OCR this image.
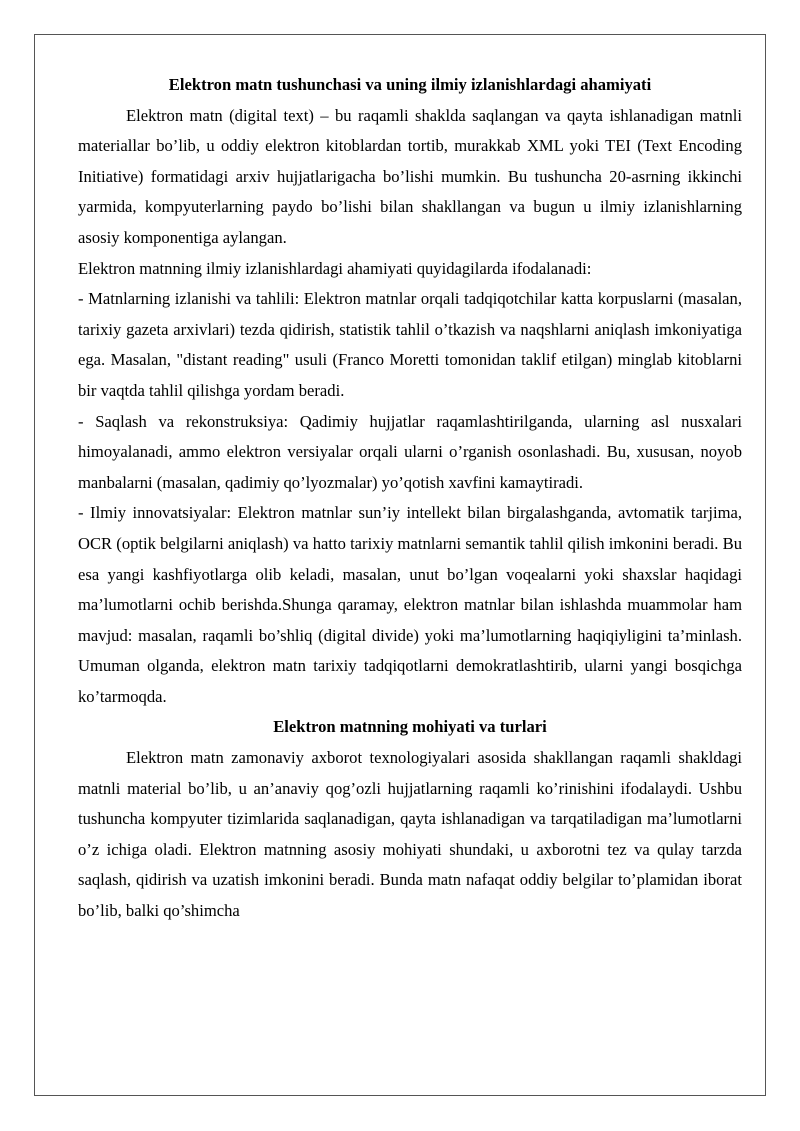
Elektron matn tushunchasi va uning ilmiy izlanishlardagi ahamiyati

Elektron matn (digital text) – bu raqamli shaklda saqlangan va qayta ishlanadigan matnli materiallar bo’lib, u oddiy elektron kitoblardan tortib, murakkab XML yoki TEI (Text Encoding Initiative) formatidagi arxiv hujjatlarigacha bo’lishi mumkin. Bu tushuncha 20-asrning ikkinchi yarmida, kompyuterlarning paydo bo’lishi bilan shakllangan va bugun u ilmiy izlanishlarning asosiy komponentiga aylangan.

Elektron matnning ilmiy izlanishlardagi ahamiyati quyidagilarda ifodalanadi:

- Matnlarning izlanishi va tahlili: Elektron matnlar orqali tadqiqotchilar katta korpuslarni (masalan, tarixiy gazeta arxivlari) tezda qidirish, statistik tahlil o’tkazish va naqshlarni aniqlash imkoniyatiga ega. Masalan, "distant reading" usuli (Franco Moretti tomonidan taklif etilgan) minglab kitoblarni bir vaqtda tahlil qilishga yordam beradi.

- Saqlash va rekonstruksiya: Qadimiy hujjatlar raqamlashtirilganda, ularning asl nusxalari himoyalanadi, ammo elektron versiyalar orqali ularni o’rganish osonlashadi. Bu, xususan, noyob manbalarni (masalan, qadimiy qo’lyozmalar) yo’qotish xavfini kamaytiradi.

- Ilmiy innovatsiyalar: Elektron matnlar sun’iy intellekt bilan birgalashganda, avtomatik tarjima, OCR (optik belgilarni aniqlash) va hatto tarixiy matnlarni semantik tahlil qilish imkonini beradi. Bu esa yangi kashfiyotlarga olib keladi, masalan, unut bo’lgan voqealarni yoki shaxslar haqidagi ma’lumotlarni ochib berishda.Shunga qaramay, elektron matnlar bilan ishlashda muammolar ham mavjud: masalan, raqamli bo’shliq (digital divide) yoki ma’lumotlarning haqiqiyligini ta’minlash. Umuman olganda, elektron matn tarixiy tadqiqotlarni demokratlashtirib, ularni yangi bosqichga ko’tarmoqda.

Elektron matnning mohiyati va turlari

Elektron matn zamonaviy axborot texnologiyalari asosida shakllangan raqamli shakldagi matnli material bo’lib, u an’anaviy qog’ozli hujjatlarning raqamli ko’rinishini ifodalaydi. Ushbu tushuncha kompyuter tizimlarida saqlanadigan, qayta ishlanadigan va tarqatiladigan ma’lumotlarni o’z ichiga oladi. Elektron matnning asosiy mohiyati shundaki, u axborotni tez va qulay tarzda saqlash, qidirish va uzatish imkonini beradi. Bunda matn nafaqat oddiy belgilar to’plamidan iborat bo’lib, balki qo’shimcha
